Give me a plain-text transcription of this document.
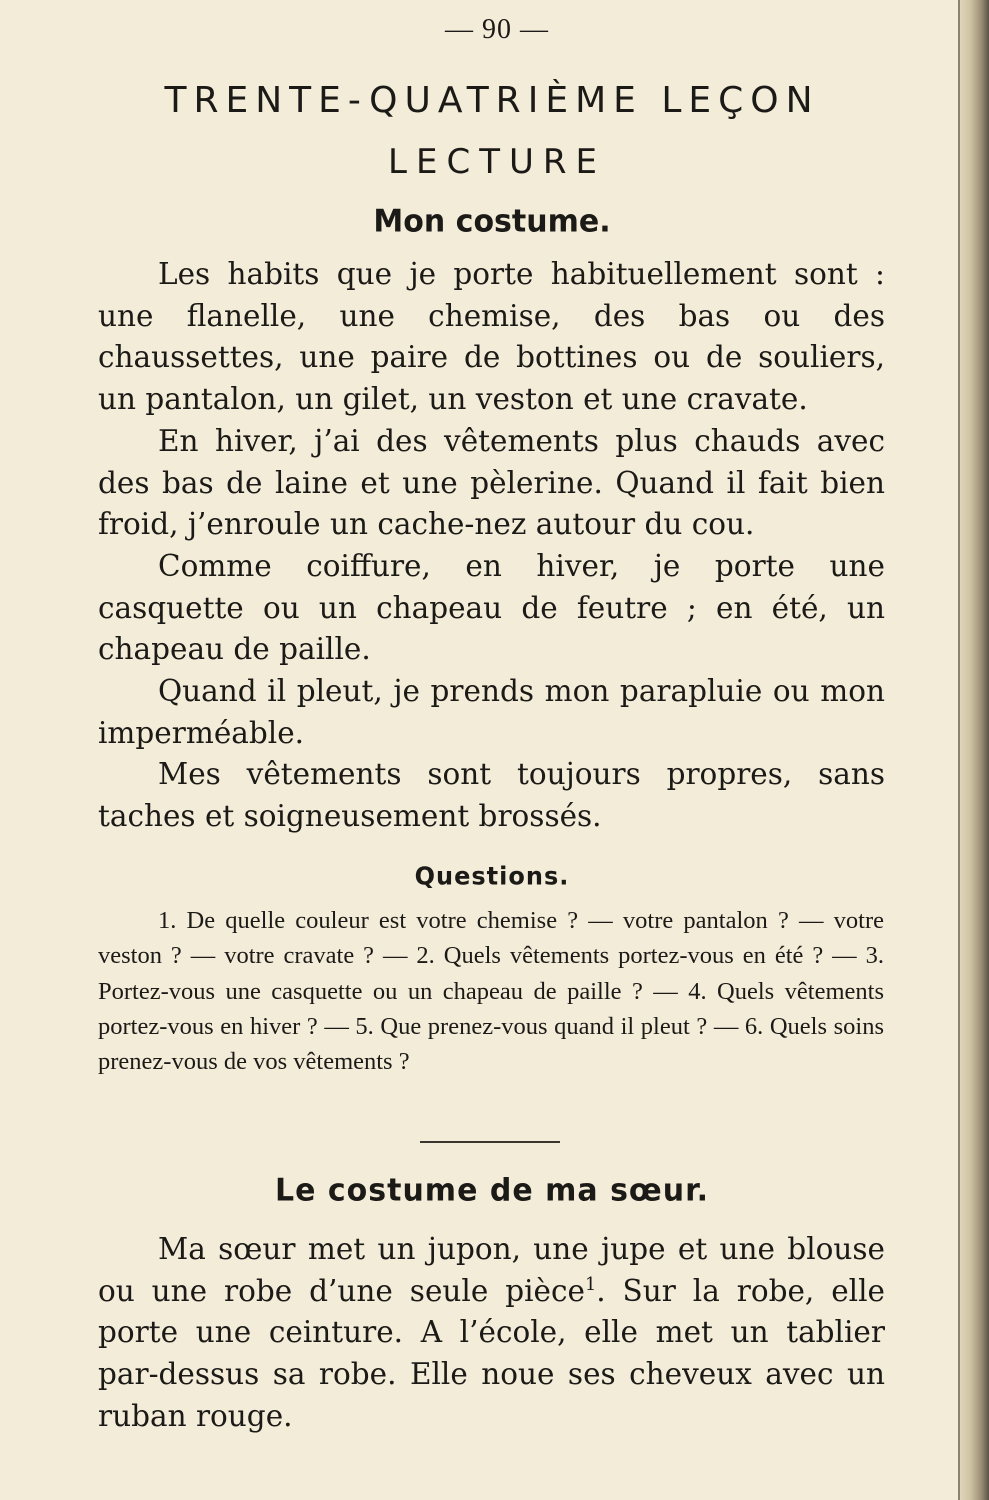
— 90 —
TRENTE-QUATRIÈME LEÇON
LECTURE
Mon costume.

Les habits que je porte habituellement sont : une flanelle, une chemise, des bas ou des chaussettes, une paire de bottines ou de souliers, un pantalon, un gilet, un veston et une cravate.

En hiver, j’ai des vêtements plus chauds avec des bas de laine et une pèlerine. Quand il fait bien froid, j’enroule un cache-nez autour du cou.

Comme coiffure, en hiver, je porte une casquette ou un chapeau de feutre ; en été, un chapeau de paille.

Quand il pleut, je prends mon parapluie ou mon imperméable.

Mes vêtements sont toujours propres, sans taches et soigneusement brossés.

Questions.

1. De quelle couleur est votre chemise ? — votre pantalon ? — votre veston ? — votre cravate ? — 2. Quels vêtements portez-vous en été ? — 3. Portez-vous une casquette ou un chapeau de paille ? — 4. Quels vêtements portez-vous en hiver ? — 5. Que prenez-vous quand il pleut ? — 6. Quels soins prenez-vous de vos vêtements ?

Le costume de ma sœur.

Ma sœur met un jupon, une jupe et une blouse ou une robe d’une seule pièce$^1$. Sur la robe, elle porte une ceinture. A l’école, elle met un tablier par-dessus sa robe. Elle noue ses cheveux avec un ruban rouge.
